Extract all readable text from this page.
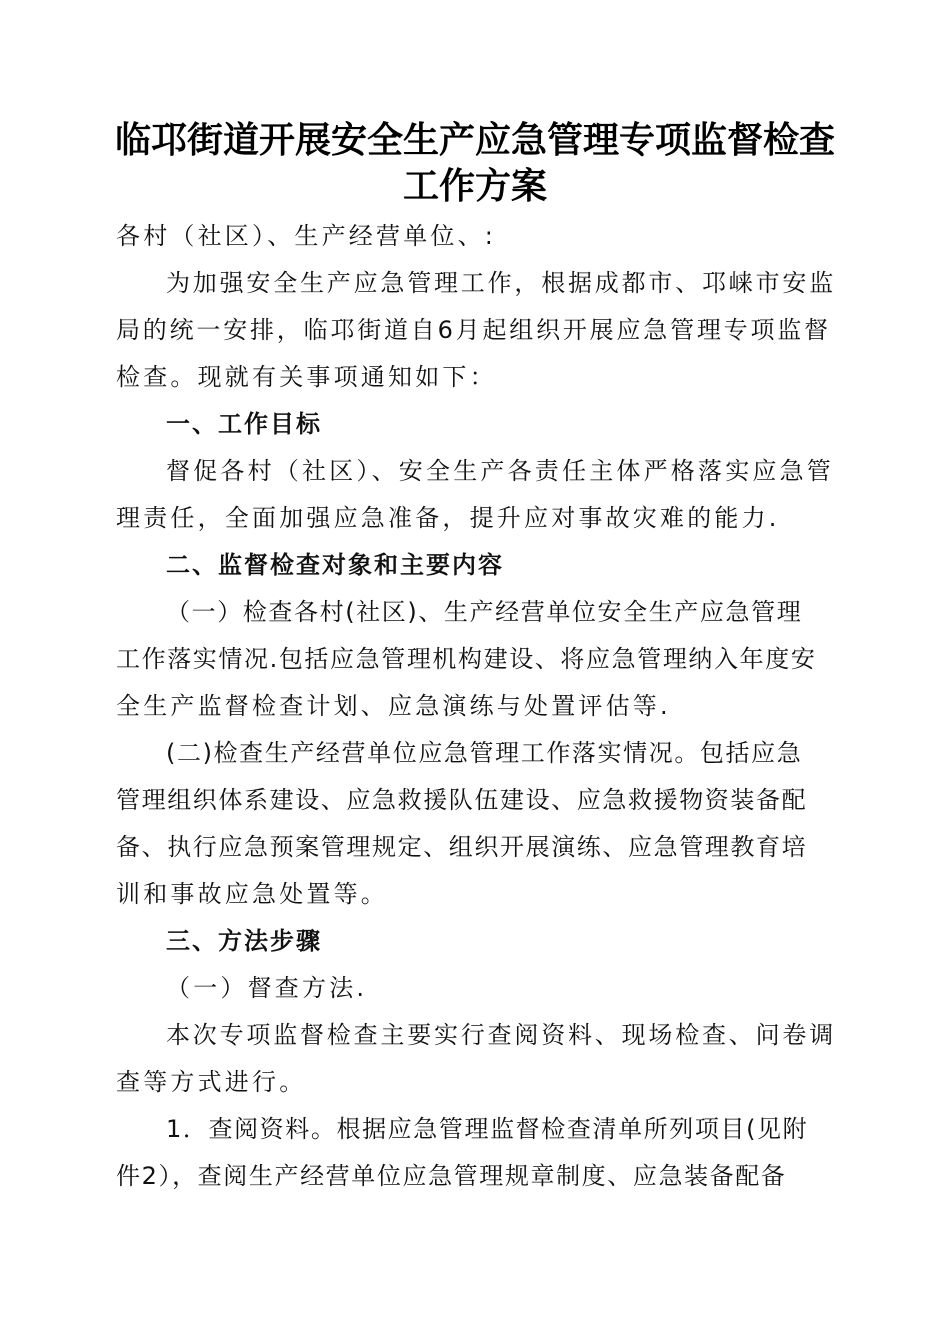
临邛街道开展安全生产应急管理专项监督检查
工作方案
各村（社区）、生产经营单位、:
为加强安全生产应急管理工作，根据成都市、邛崃市安监
局的统一安排，临邛街道自6月起组织开展应急管理专项监督
检查。现就有关事项通知如下：
一、工作目标
督促各村（社区）、安全生产各责任主体严格落实应急管
理责任，全面加强应急准备，提升应对事故灾难的能力.
二、监督检查对象和主要内容
（一）检查各村(社区)、生产经营单位安全生产应急管理
工作落实情况.包括应急管理机构建设、将应急管理纳入年度安
全生产监督检查计划、应急演练与处置评估等.
(二)检查生产经营单位应急管理工作落实情况。包括应急
管理组织体系建设、应急救援队伍建设、应急救援物资装备配
备、执行应急预案管理规定、组织开展演练、应急管理教育培
训和事故应急处置等。
三、方法步骤
（一）督查方法.
本次专项监督检查主要实行查阅资料、现场检查、问卷调
查等方式进行。
1．查阅资料。根据应急管理监督检查清单所列项目(见附
件2），查阅生产经营单位应急管理规章制度、应急装备配备
